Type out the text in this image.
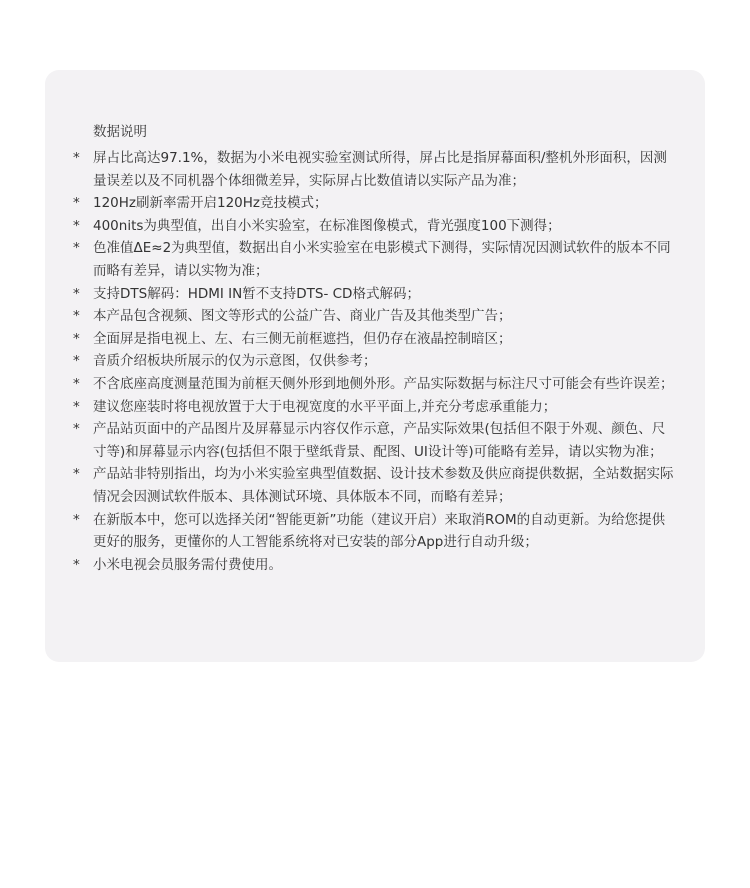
数据说明
* 屏占比高达97.1%，数据为小米电视实验室测试所得，屏占比是指屏幕面积/整机外形面积，因测量误差以及不同机器个体细微差异，实际屏占比数值请以实际产品为准；
* 120Hz刷新率需开启120Hz竞技模式；
* 400nits为典型值，出自小米实验室，在标准图像模式，背光强度100下测得；
* 色准值ΔE≈2为典型值，数据出自小米实验室在电影模式下测得，实际情况因测试软件的版本不同而略有差异，请以实物为准；
* 支持DTS解码：HDMI IN暂不支持DTS- CD格式解码；
* 本产品包含视频、图文等形式的公益广告、商业广告及其他类型广告；
* 全面屏是指电视上、左、右三侧无前框遮挡，但仍存在液晶控制暗区；
* 音质介绍板块所展示的仅为示意图，仅供参考；
* 不含底座高度测量范围为前框天侧外形到地侧外形。产品实际数据与标注尺寸可能会有些许误差；
* 建议您座装时将电视放置于大于电视宽度的水平平面上,并充分考虑承重能力；
* 产品站页面中的产品图片及屏幕显示内容仅作示意，产品实际效果(包括但不限于外观、颜色、尺寸等)和屏幕显示内容(包括但不限于壁纸背景、配图、UI设计等)可能略有差异，请以实物为准；
* 产品站非特别指出，均为小米实验室典型值数据、设计技术参数及供应商提供数据，全站数据实际情况会因测试软件版本、具体测试环境、具体版本不同，而略有差异；
* 在新版本中，您可以选择关闭“智能更新”功能（建议开启）来取消ROM的自动更新。为给您提供更好的服务，更懂你的人工智能系统将对已安装的部分App进行自动升级；
* 小米电视会员服务需付费使用。
